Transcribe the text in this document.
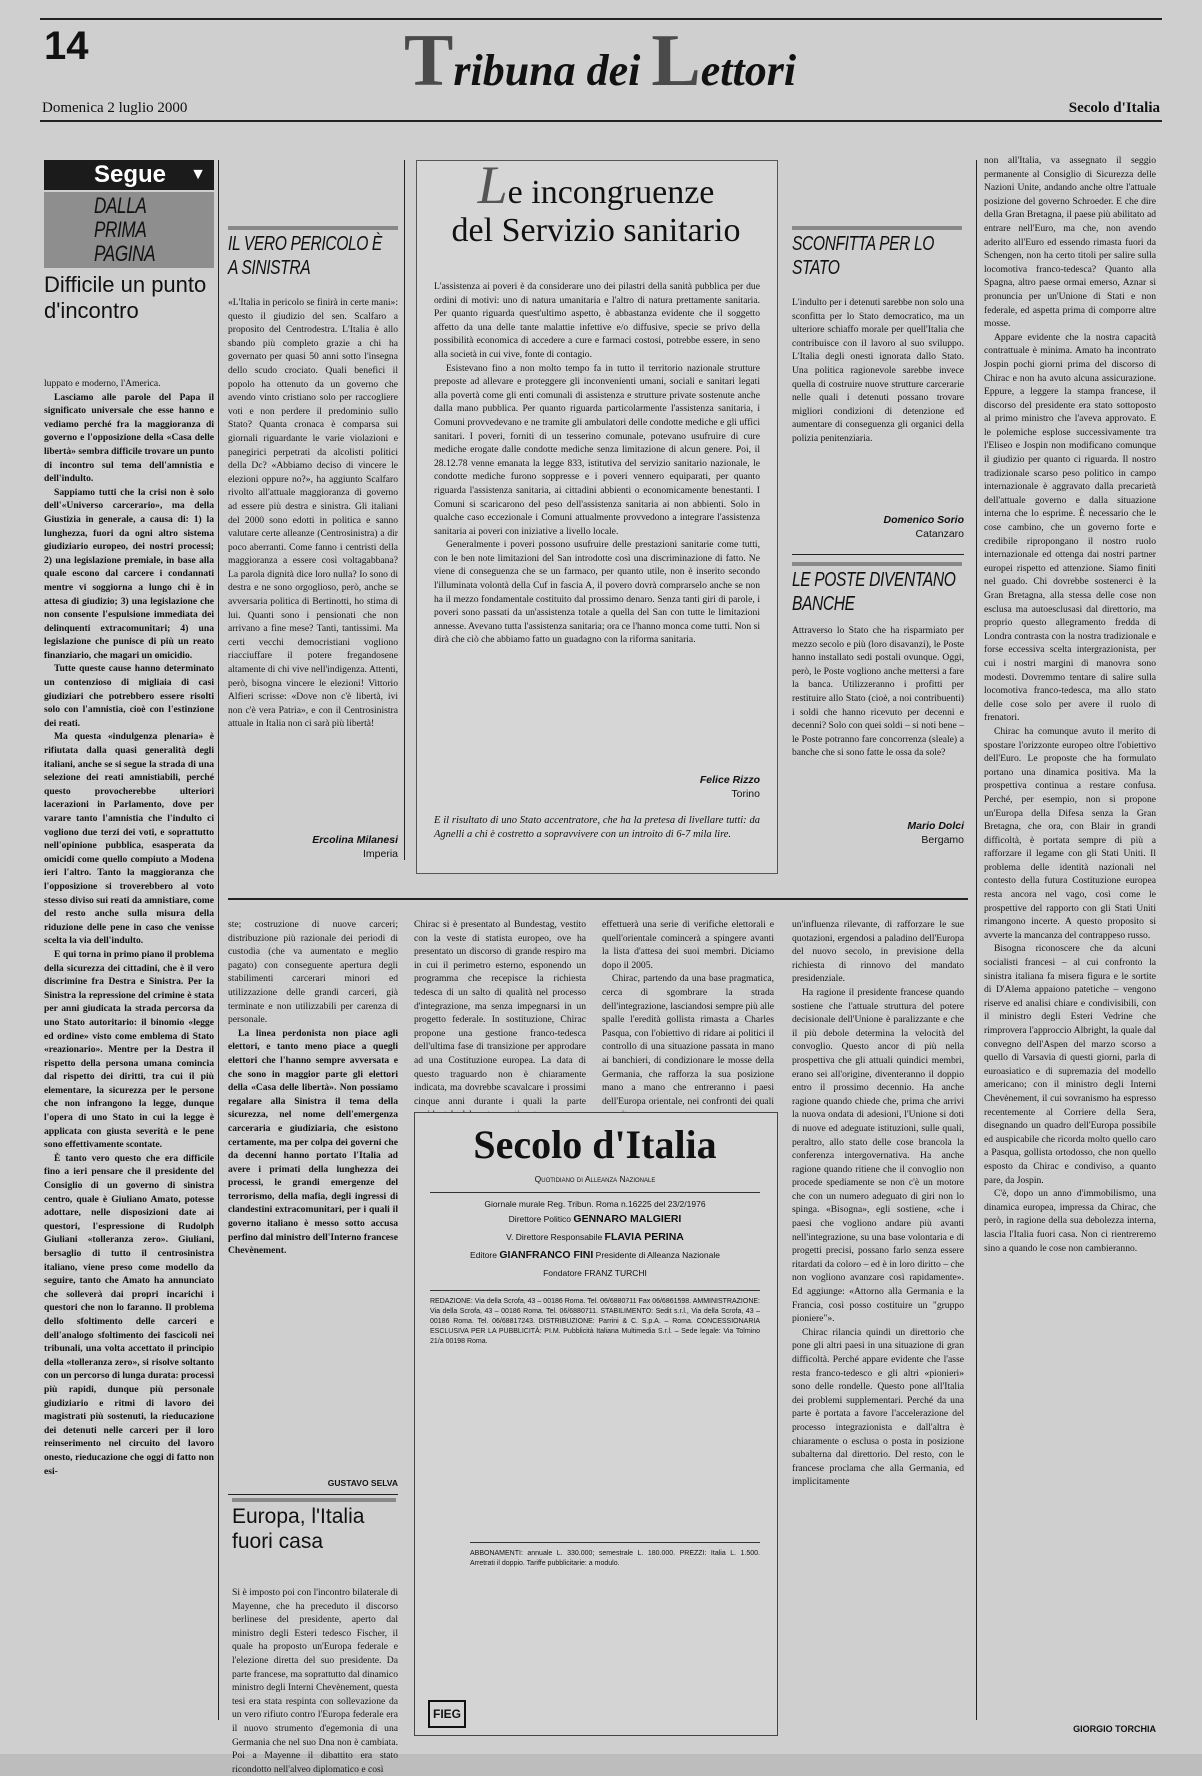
14	Tribuna dei Lettori
Domenica 2 luglio 2000	Secolo d'Italia
Segue ▼
DALLA
PRIMA
PAGINA
Difficile un punto d'incontro

luppato e moderno, l'America.

Lasciamo alle parole del Papa il significato universale che esse hanno e vediamo perché fra la maggioranza di governo e l'opposizione della «Casa delle libertà» sembra difficile trovare un punto di incontro sul tema dell'amnistia e dell'indulto.

Sappiamo tutti che la crisi non è solo dell'«Universo carcerario», ma della Giustizia in generale, a causa di: 1) la lunghezza, fuori da ogni altro sistema giudiziario europeo, dei nostri processi; 2) una legislazione premiale, in base alla quale escono dal carcere i condannati mentre vi soggiorna a lungo chi è in attesa di giudizio; 3) una legislazione che non consente l'espulsione immediata dei delinquenti extracomunitari; 4) una legislazione che punisce di più un reato finanziario, che magari un omicidio.

Tutte queste cause hanno determinato un contenzioso di migliaia di casi giudiziari che potrebbero essere risolti solo con l'amnistia, cioè con l'estinzione dei reati.

Ma questa «indulgenza plenaria» è rifiutata dalla quasi generalità degli italiani, anche se si segue la strada di una selezione dei reati amnistiabili, perché questo provocherebbe ulteriori lacerazioni in Parlamento, dove per varare tanto l'amnistia che l'indulto ci vogliono due terzi dei voti, e soprattutto nell'opinione pubblica, esasperata da omicidi come quello compiuto a Modena ieri l'altro. Tanto la maggioranza che l'opposizione si troverebbero al voto stesso diviso sui reati da amnistiare, come del resto anche sulla misura della riduzione delle pene in caso che venisse scelta la via dell'indulto.

E qui torna in primo piano il problema della sicurezza dei cittadini, che è il vero discrimine fra Destra e Sinistra. Per la Sinistra la repressione del crimine è stata per anni giudicata la strada percorsa da uno Stato autoritario: il binomio «legge ed ordine» visto come emblema di Stato «reazionario». Mentre per la Destra il rispetto della persona umana comincia dal rispetto dei diritti, tra cui il più elementare, la sicurezza per le persone che non infrangono la legge, dunque l'opera di uno Stato in cui la legge è applicata con giusta severità e le pene sono effettivamente scontate.

È tanto vero questo che era difficile fino a ieri pensare che il presidente del Consiglio di un governo di sinistra centro, quale è Giuliano Amato, potesse adottare, nelle disposizioni date ai questori, l'espressione di Rudolph Giuliani «tolleranza zero». Giuliani, bersaglio di tutto il centrosinistra italiano, viene preso come modello da seguire, tanto che Amato ha annunciato che solleverà dai propri incarichi i questori che non lo faranno. Il problema dello sfoltimento delle carceri e dell'analogo sfoltimento dei fascicoli nei tribunali, una volta accettato il principio della «tolleranza zero», si risolve soltanto con un percorso di lunga durata: processi più rapidi, dunque più personale giudiziario e ritmi di lavoro dei magistrati più sostenuti, la rieducazione dei detenuti nelle carceri per il loro reinserimento nel circuito del lavoro onesto, rieducazione che oggi di fatto non esi-

IL VERO PERICOLO È A SINISTRA
«L'Italia in pericolo se finirà in certe mani»: questo il giudizio del sen. Scalfaro a proposito del Centrodestra. L'Italia è allo sbando più completo grazie a chi ha governato per quasi 50 anni sotto l'insegna dello scudo crociato. Quali benefici il popolo ha ottenuto da un governo che avendo vinto cristiano solo per raccogliere voti e non perdere il predominio sullo Stato? Quanta cronaca è comparsa sui giornali riguardante le varie violazioni e panegirici perpetrati da alcolisti politici della Dc? «Abbiamo deciso di vincere le elezioni oppure no?», ha aggiunto Scalfaro rivolto all'attuale maggioranza di governo ad essere più destra e sinistra. Gli italiani del 2000 sono edotti in politica e sanno valutare certe alleanze (Centrosinistra) a dir poco aberranti. Come fanno i centristi della maggioranza a essere così voltagabbana? La parola dignità dice loro nulla? Io sono di destra e ne sono orgoglioso, però, anche se avversaria politica di Bertinotti, ho stima di lui. Quanti sono i pensionati che non arrivano a fine mese? Tanti, tantissimi. Ma certi vecchi democristiani vogliono riacciuffare il potere fregandosene altamente di chi vive nell'indigenza. Attenti, però, bisogna vincere le elezioni! Vittorio Alfieri scrisse: «Dove non c'è libertà, ivi non c'è vera Patria», e con il Centrosinistra attuale in Italia non ci sarà più libertà!
Ercolina Milanesi
Imperia
Le incongruenze
del Servizio sanitario

L'assistenza ai poveri è da considerare uno dei pilastri della sanità pubblica per due ordini di motivi: uno di natura umanitaria e l'altro di natura prettamente sanitaria. Per quanto riguarda quest'ultimo aspetto, è abbastanza evidente che il soggetto affetto da una delle tante malattie infettive e/o diffusive, specie se privo della possibilità economica di accedere a cure e farmaci costosi, potrebbe essere, in seno alla società in cui vive, fonte di contagio.

Esistevano fino a non molto tempo fa in tutto il territorio nazionale strutture preposte ad allevare e proteggere gli inconvenienti umani, sociali e sanitari legati alla povertà come gli enti comunali di assistenza e strutture private sostenute anche dalla mano pubblica. Per quanto riguarda particolarmente l'assistenza sanitaria, i Comuni provvedevano e ne tramite gli ambulatori delle condotte mediche e gli uffici sanitari. I poveri, forniti di un tesserino comunale, potevano usufruire di cure mediche erogate dalle condotte mediche senza limitazione di alcun genere. Poi, il 28.12.78 venne emanata la legge 833, istitutiva del servizio sanitario nazionale, le condotte mediche furono soppresse e i poveri vennero equiparati, per quanto riguarda l'assistenza sanitaria, ai cittadini abbienti o economicamente benestanti. I Comuni si scaricarono del peso dell'assistenza sanitaria ai non abbienti. Solo in qualche caso eccezionale i Comuni attualmente provvedono a integrare l'assistenza sanitaria ai poveri con iniziative a livello locale.

Generalmente i poveri possono usufruire delle prestazioni sanitarie come tutti, con le ben note limitazioni del San introdotte così una discriminazione di fatto. Ne viene di conseguenza che se un farmaco, per quanto utile, non è inserito secondo l'illuminata volontà della Cuf in fascia A, il povero dovrà comprarselo anche se non ha il mezzo fondamentale costituito dal prossimo denaro. Senza tanti giri di parole, i poveri sono passati da un'assistenza totale a quella del San con tutte le limitazioni annesse. Avevano tutta l'assistenza sanitaria; ora ce l'hanno monca come tutti. Non si dirà che ciò che abbiamo fatto un guadagno con la riforma sanitaria.

Felice Rizzo
Torino
E il risultato di uno Stato accentratore, che ha la pretesa di livellare tutti: da Agnelli a chi è costretto a sopravvivere con un introito di 6-7 mila lire.
SCONFITTA PER LO STATO
L'indulto per i detenuti sarebbe non solo una sconfitta per lo Stato democratico, ma un ulteriore schiaffo morale per quell'Italia che contribuisce con il lavoro al suo sviluppo. L'Italia degli onesti ignorata dallo Stato. Una politica ragionevole sarebbe invece quella di costruire nuove strutture carcerarie nelle quali i detenuti possano trovare migliori condizioni di detenzione ed aumentare di conseguenza gli organici della polizia penitenziaria.
Domenico Sorio
Catanzaro
LE POSTE DIVENTANO BANCHE
Attraverso lo Stato che ha risparmiato per mezzo secolo e più (loro disavanzi), le Poste hanno installato sedi postali ovunque. Oggi, però, le Poste vogliono anche mettersi a fare la banca. Utilizzeranno i profitti per restituire allo Stato (cioè, a noi contribuenti) i soldi che hanno ricevuto per decenni e decenni? Solo con quei soldi – si noti bene – le Poste potranno fare concorrenza (sleale) a banche che si sono fatte le ossa da sole?
Mario Dolci
Bergamo

non all'Italia, va assegnato il seggio permanente al Consiglio di Sicurezza delle Nazioni Unite, andando anche oltre l'attuale posizione del governo Schroeder. E che dire della Gran Bretagna, il paese più abilitato ad entrare nell'Euro, ma che, non avendo aderito all'Euro ed essendo rimasta fuori da Schengen, non ha certo titoli per salire sulla locomotiva franco-tedesca? Quanto alla Spagna, altro paese ormai emerso, Aznar si pronuncia per un'Unione di Stati e non federale, ed aspetta prima di comporre altre mosse.

Appare evidente che la nostra capacità contrattuale è minima. Amato ha incontrato Jospin pochi giorni prima del discorso di Chirac e non ha avuto alcuna assicurazione. Eppure, a leggere la stampa francese, il discorso del presidente era stato sottoposto al primo ministro che l'aveva approvato. E le polemiche esplose successivamente tra l'Eliseo e Jospin non modificano comunque il giudizio per quanto ci riguarda. Il nostro tradizionale scarso peso politico in campo internazionale è aggravato dalla precarietà dell'attuale governo e dalla situazione interna che lo esprime. È necessario che le cose cambino, che un governo forte e credibile ripropongano il nostro ruolo internazionale ed ottenga dai nostri partner europei rispetto ed attenzione. Siamo finiti nel guado. Chi dovrebbe sostenerci è la Gran Bretagna, alla stessa delle cose non esclusa ma autoesclusasi dal direttorio, ma proprio questo allegramento fredda di Londra contrasta con la nostra tradizionale e forse eccessiva scelta intergrazionista, per cui i nostri margini di manovra sono modesti. Dovremmo tentare di salire sulla locomotiva franco-tedesca, ma allo stato delle cose solo per avere il ruolo di frenatori.

Chirac ha comunque avuto il merito di spostare l'orizzonte europeo oltre l'obiettivo dell'Euro. Le proposte che ha formulato portano una dinamica positiva. Ma la prospettiva continua a restare confusa. Perché, per esempio, non si propone un'Europa della Difesa senza la Gran Bretagna, che ora, con Blair in grandi difficoltà, è portata sempre di più a rafforzare il legame con gli Stati Uniti. Il problema delle identità nazionali nel contesto della futura Costituzione europea resta ancora nel vago, così come le prospettive del rapporto con gli Stati Uniti rimangono incerte. A questo proposito si avverte la mancanza del contrappeso russo.

Bisogna riconoscere che da alcuni socialisti francesi – al cui confronto la sinistra italiana fa misera figura e le sortite di D'Alema appaiono patetiche – vengono riserve ed analisi chiare e condivisibili, con il ministro degli Esteri Vedrine che rimprovera l'approccio Albright, la quale dal convegno dell'Aspen del marzo scorso a quello di Varsavia di questi giorni, parla di euroasiatico e di supremazia del modello americano; con il ministro degli Interni Chevènement, il cui sovranismo ha espresso recentemente al Corriere della Sera, disegnando un quadro dell'Europa possibile ed auspicabile che ricorda molto quello caro a Pasqua, gollista ortodosso, che non quello esposto da Chirac e condiviso, a quanto pare, da Jospin.

C'è, dopo un anno d'immobilismo, una dinamica europea, impressa da Chirac, che però, in ragione della sua debolezza interna, lascia l'Italia fuori casa. Non ci rientreremo sino a quando le cose non cambieranno.

GIORGIO TORCHIA

ste; costruzione di nuove carceri; distribuzione più razionale dei periodi di custodia (che va aumentato e meglio pagato) con conseguente apertura degli stabilimenti carcerari minori ed utilizzazione delle grandi carceri, già terminate e non utilizzabili per carenza di personale.

La linea perdonista non piace agli elettori, e tanto meno piace a quegli elettori che l'hanno sempre avversata e che sono in maggior parte gli elettori della «Casa delle libertà». Non possiamo regalare alla Sinistra il tema della sicurezza, nel nome dell'emergenza carceraria e giudiziaria, che esistono certamente, ma per colpa dei governi che da decenni hanno portato l'Italia ad avere i primati della lunghezza dei processi, le grandi emergenze del terrorismo, della mafia, degli ingressi di clandestini extracomunitari, per i quali il governo italiano è messo sotto accusa perfino dal ministro dell'Interno francese Chevènement.

GUSTAVO SELVA
Europa, l'Italia fuori casa
Si è imposto poi con l'incontro bilaterale di Mayenne, che ha preceduto il discorso berlinese del presidente, aperto dal ministro degli Esteri tedesco Fischer, il quale ha proposto un'Europa federale e l'elezione diretta del suo presidente. Da parte francese, ma soprattutto dal dinamico ministro degli Interni Chevènement, questa tesi era stata respinta con sollevazione da un vero rifiuto contro l'Europa federale era il nuovo strumento d'egemonia di una Germania che nel suo Dna non è cambiata. Poi a Mayenne il dibattito era stato ricondotto nell'alveo diplomatico e così
Chirac si è presentato al Bundestag, vestito con la veste di statista europeo, ove ha presentato un discorso di grande respiro ma in cui il perimetro esterno, esponendo un programma che recepisce la richiesta tedesca di un salto di qualità nel processo d'integrazione, ma senza impegnarsi in un progetto federale. In sostituzione, Chirac propone una gestione franco-tedesca dell'ultima fase di transizione per approdare ad una Costituzione europea. La data di questo traguardo non è chiaramente indicata, ma dovrebbe scavalcare i prossimi cinque anni durante i quali la parte

effettuerà una serie di verifiche elettorali e quell'orientale comincerà a spingere avanti la lista d'attesa dei suoi membri. Diciamo dopo il 2005.

Chirac, partendo da una base pragmatica, cerca di sgombrare la strada dell'integrazione, lasciandosi sempre più alle spalle l'eredità gollista rimasta a Charles Pasqua, con l'obiettivo di ridare ai politici il controllo di una situazione passata in mano ai banchieri, di condizionare le mosse della Germania, che rafforza la sua posizione mano a mano che entreranno i paesi dell'Europa orientale, nei confronti dei quali

un'influenza rilevante, di rafforzare le sue quotazioni, ergendosi a paladino dell'Europa del nuovo secolo, in previsione della richiesta di rinnovo del mandato presidenziale.

Ha ragione il presidente francese quando sostiene che l'attuale struttura del potere decisionale dell'Unione è paralizzante e che il più debole determina la velocità del convoglio. Questo ancor di più nella prospettiva che gli attuali quindici membri, erano sei all'origine, diventeranno il doppio entro il prossimo decennio. Ha anche ragione quando chiede che, prima che arrivi la nuova ondata di adesioni, l'Unione si doti di nuove ed adeguate istituzioni, sulle quali, peraltro, allo stato delle cose brancola la conferenza intergovernativa. Ha anche ragione quando ritiene che il convoglio non procede spediamente se non c'è un motore che con un numero adeguato di giri non lo spinga. «Bisogna», egli sostiene, «che i paesi che vogliono andare più avanti nell'integrazione, su una base volontaria e di progetti precisi, possano farlo senza essere ritardati da coloro – ed è in loro diritto – che non vogliono avanzare così rapidamente». Ed aggiunge: «Attorno alla Germania e la Francia, così posso costituire un "gruppo pioniere"».

Chirac rilancia quindi un direttorio che pone gli altri paesi in una situazione di gran difficoltà. Perché appare evidente che l'asse resta franco-tedesco e gli altri «pionieri» sono delle rondelle. Questo pone all'Italia dei problemi supplementari. Perché da una parte è portata a favore l'accelerazione del processo integrazionista e dall'altra è chiaramente o esclusa o posta in posizione subalterna dal direttorio. Del resto, con le francese proclama che alla Germania, ed implicitamente

Secolo d'Italia
Quotidiano di Alleanza Nazionale
Giornale murale Reg. Tribun. Roma n.16225 del 23/2/1976
Direttore Politico GENNARO MALGIERI
V. Direttore Responsabile FLAVIA PERINA
Editore GIANFRANCO FINI Presidente di Alleanza Nazionale
Fondatore FRANZ TURCHI
REDAZIONE: Via della Scrofa, 43 – 00186 Roma. Tel. 06/6880711 Fax 06/6861598. AMMINISTRAZIONE: Via della Scrofa, 43 – 00186 Roma. Tel. 06/6880711. STABILIMENTO: Sedit s.r.l., Via della Scrofa, 43 – 00186 Roma. Tel. 06/68817243. DISTRIBUZIONE: Parrini & C. S.p.A. – Roma. CONCESSIONARIA ESCLUSIVA PER LA PUBBLICITÀ: PI.M. Pubblicità Italiana Multimedia S.r.l. – Sede legale: Via Tolmino 21/a 00198 Roma.
ABBONAMENTI: annuale L. 330.000; semestrale L. 180.000. PREZZI: Italia L. 1.500. Arretrati il doppio. Tariffe pubblicitarie: a modulo.
FIEG
